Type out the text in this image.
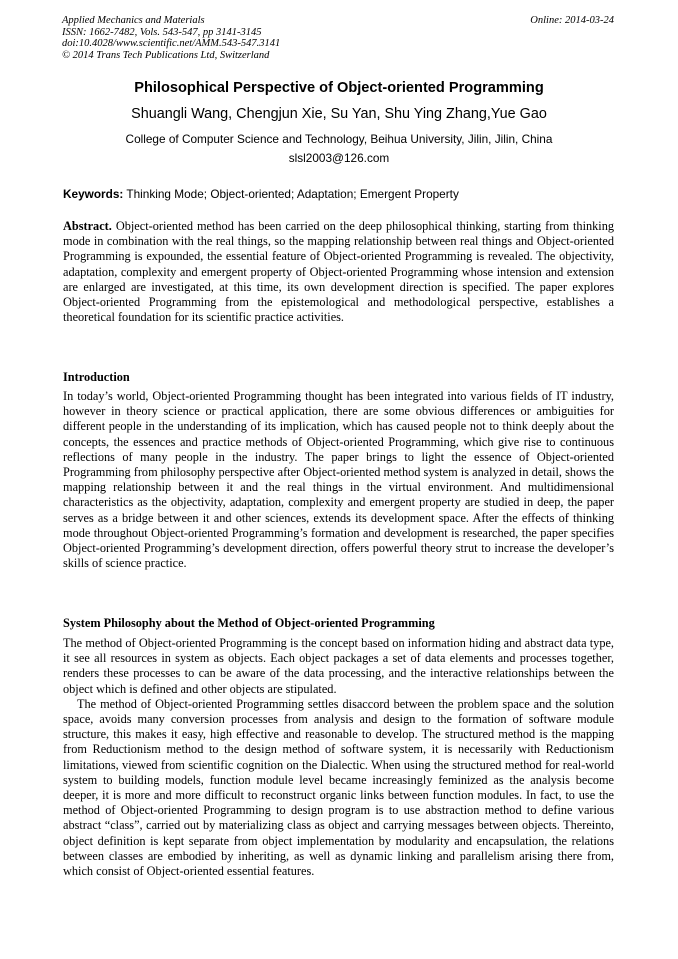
Applied Mechanics and Materials
ISSN: 1662-7482, Vols. 543-547, pp 3141-3145
doi:10.4028/www.scientific.net/AMM.543-547.3141
© 2014 Trans Tech Publications Ltd, Switzerland
Online: 2014-03-24
Philosophical Perspective of Object-oriented Programming
Shuangli Wang, Chengjun Xie, Su Yan, Shu Ying Zhang,Yue Gao
College of Computer Science and Technology, Beihua University, Jilin, Jilin, China
slsl2003@126.com
Keywords: Thinking Mode; Object-oriented; Adaptation; Emergent Property

Abstract. Object-oriented method has been carried on the deep philosophical thinking, starting from thinking mode in combination with the real things, so the mapping relationship between real things and Object-oriented Programming is expounded, the essential feature of Object-oriented Programming is revealed. The objectivity, adaptation, complexity and emergent property of Object-oriented Programming whose intension and extension are enlarged are investigated, at this time, its own development direction is specified. The paper explores Object-oriented Programming from the epistemological and methodological perspective, establishes a theoretical foundation for its scientific practice activities.

Introduction

In today’s world, Object-oriented Programming thought has been integrated into various fields of IT industry, however in theory science or practical application, there are some obvious differences or ambiguities for different people in the understanding of its implication, which has caused people not to think deeply about the concepts, the essences and practice methods of Object-oriented Programming, which give rise to continuous reflections of many people in the industry. The paper brings to light the essence of Object-oriented Programming from philosophy perspective after Object-oriented method system is analyzed in detail, shows the mapping relationship between it and the real things in the virtual environment. And multidimensional characteristics as the objectivity, adaptation, complexity and emergent property are studied in deep, the paper serves as a bridge between it and other sciences, extends its development space. After the effects of thinking mode throughout Object-oriented Programming’s formation and development is researched, the paper specifies Object-oriented Programming’s development direction, offers powerful theory strut to increase the developer’s skills of science practice.

System Philosophy about the Method of Object-oriented Programming

The method of Object-oriented Programming is the concept based on information hiding and abstract data type, it see all resources in system as objects. Each object packages a set of data elements and processes together, renders these processes to can be aware of the data processing, and the interactive relationships between the object which is defined and other objects are stipulated.

The method of Object-oriented Programming settles disaccord between the problem space and the solution space, avoids many conversion processes from analysis and design to the formation of software module structure, this makes it easy, high effective and reasonable to develop. The structured method is the mapping from Reductionism method to the design method of software system, it is necessarily with Reductionism limitations, viewed from scientific cognition on the Dialectic. When using the structured method for real-world system to building models, function module level became increasingly feminized as the analysis become deeper, it is more and more difficult to reconstruct organic links between function modules. In fact, to use the method of Object-oriented Programming to design program is to use abstraction method to define various abstract “class”, carried out by materializing class as object and carrying messages between objects. Thereinto, object definition is kept separate from object implementation by modularity and encapsulation, the relations between classes are embodied by inheriting, as well as dynamic linking and parallelism arising there from, which consist of Object-oriented essential features.
